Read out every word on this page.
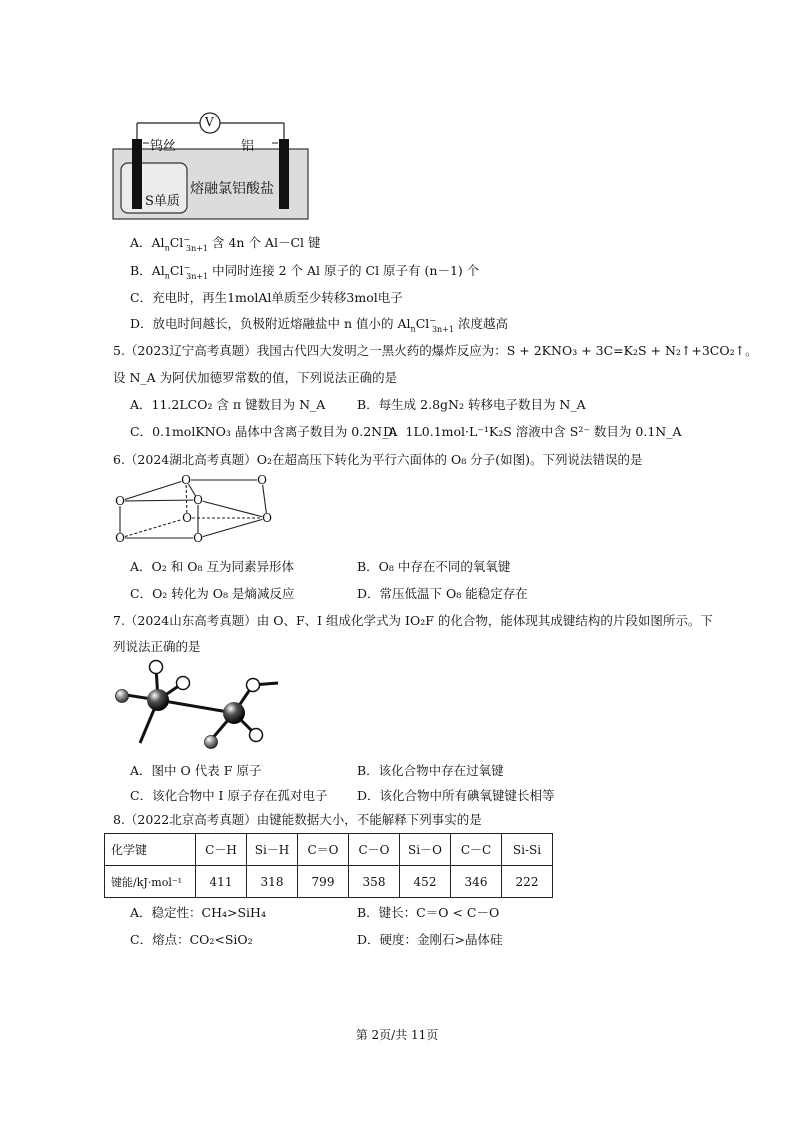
V
钨丝	铝
S单质
熔融氯铝酸盐
A．$Al_nCl^-_{3n+1}$ 含 4n 个 Al－Cl 键
B．$Al_nCl^-_{3n+1}$ 中同时连接 2 个 Al 原子的 Cl 原子有 (n－1) 个
C．充电时，再生1molAl单质至少转移3mol电子
D．放电时间越长，负极附近熔融盐中 n 值小的 $Al_nCl^-_{3n+1}$ 浓度越高
5.（2023辽宁高考真题）我国古代四大发明之一黑火药的爆炸反应为：S + 2KNO₃ + 3C=K₂S + N₂↑+3CO₂↑。
设 N_A 为阿伏加德罗常数的值，下列说法正确的是
A．11.2LCO₂ 含 π 键数目为 N_A	B．每生成 2.8gN₂ 转移电子数目为 N_A
C．0.1molKNO₃ 晶体中含离子数目为 0.2N_A
D．1L0.1mol·L⁻¹K₂S 溶液中含 S²⁻ 数目为 0.1N_A
6.（2024湖北高考真题）O₂在超高压下转化为平行六面体的 O₈ 分子(如图)。下列说法错误的是
O
O
O
O
O
O
O	O
A．O₂ 和 O₈ 互为同素异形体	B．O₈ 中存在不同的氧氧键
C．O₂ 转化为 O₈ 是熵减反应	D．常压低温下 O₈ 能稳定存在
7.（2024山东高考真题）由 O、F、I 组成化学式为 IO₂F 的化合物，能体现其成键结构的片段如图所示。下
列说法正确的是
A．图中 O 代表 F 原子	B．该化合物中存在过氧键
C．该化合物中 I 原子存在孤对电子 D．该化合物中所有碘氧键键长相等
8.（2022北京高考真题）由键能数据大小，不能解释下列事实的是
化学键	C－H	Si－H	C＝O	C－O	Si－O	C－C	Si-Si
键能/kJ·mol⁻¹	411	318	799	358	452	346	222
A．稳定性：CH₄>SiH₄	B．键长：C＝O < C－O
C．熔点：CO₂<SiO₂	D．硬度：金刚石>晶体硅
第 2页/共 11页
